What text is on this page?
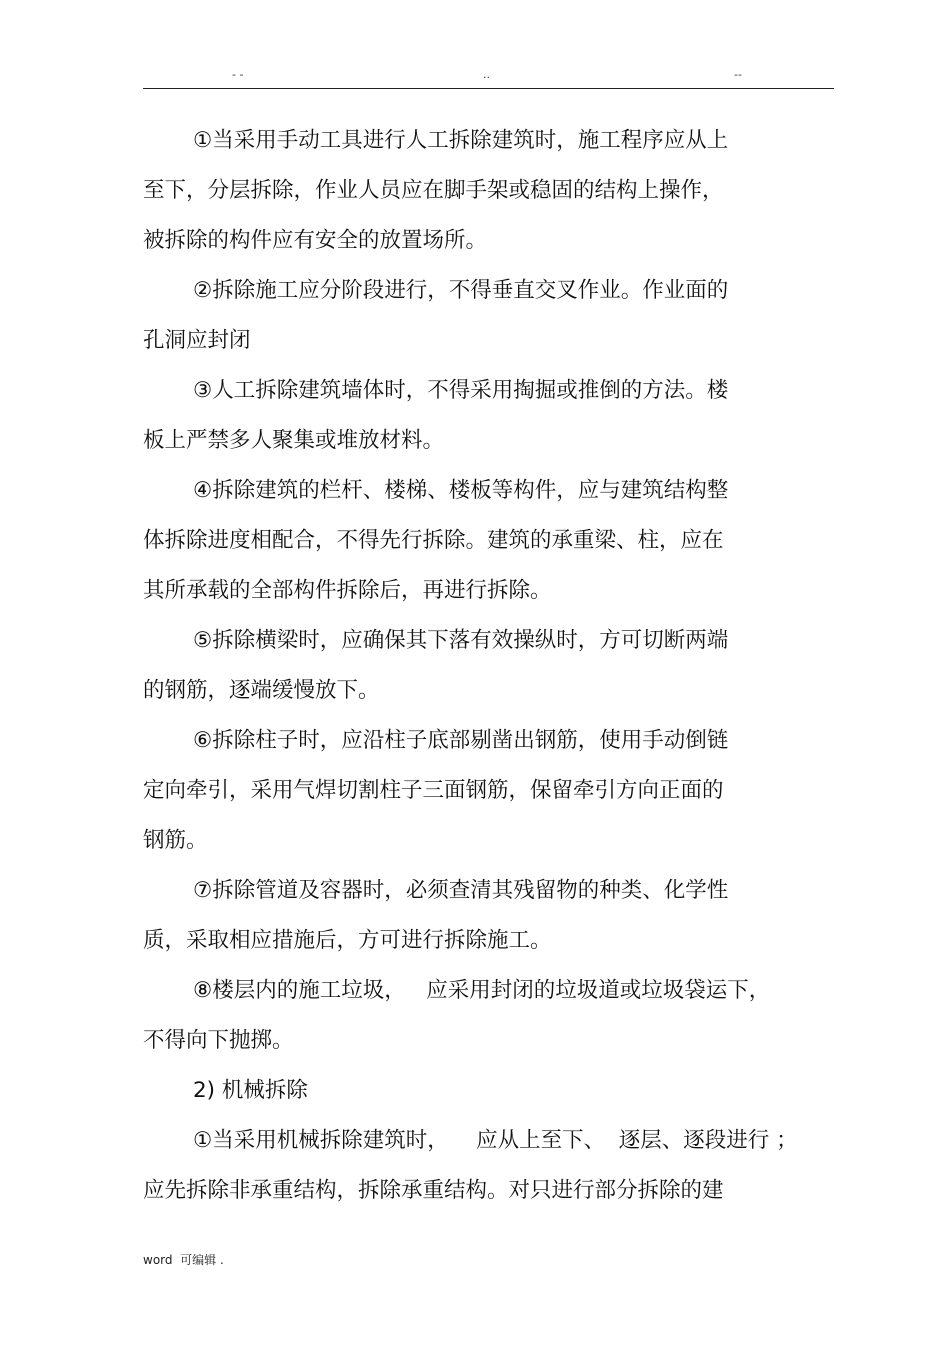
- -	..	--
①当采用手动工具进行人工拆除建筑时，施工程序应从上
至下，分层拆除，作业人员应在脚手架或稳固的结构上操作，
被拆除的构件应有安全的放置场所。
②拆除施工应分阶段进行，不得垂直交叉作业。作业面的
孔洞应封闭
③人工拆除建筑墙体时，不得采用掏掘或推倒的方法。楼
板上严禁多人聚集或堆放材料。
④拆除建筑的栏杆、楼梯、楼板等构件，应与建筑结构整
体拆除进度相配合，不得先行拆除。建筑的承重梁、柱，应在
其所承载的全部构件拆除后，再进行拆除。
⑤拆除横梁时，应确保其下落有效操纵时，方可切断两端
的钢筋，逐端缓慢放下。
⑥拆除柱子时，应沿柱子底部剔凿出钢筋，使用手动倒链
定向牵引，采用气焊切割柱子三面钢筋，保留牵引方向正面的
钢筋。
⑦拆除管道及容器时，必须查清其残留物的种类、化学性
质，采取相应措施后，方可进行拆除施工。
⑧楼层内的施工垃圾，   应采用封闭的垃圾道或垃圾袋运下，
不得向下抛掷。
2) 机械拆除
①当采用机械拆除建筑时，    应从上至下、  逐层、逐段进行 ；
应先拆除非承重结构，拆除承重结构。对只进行部分拆除的建
word  可编辑 .
